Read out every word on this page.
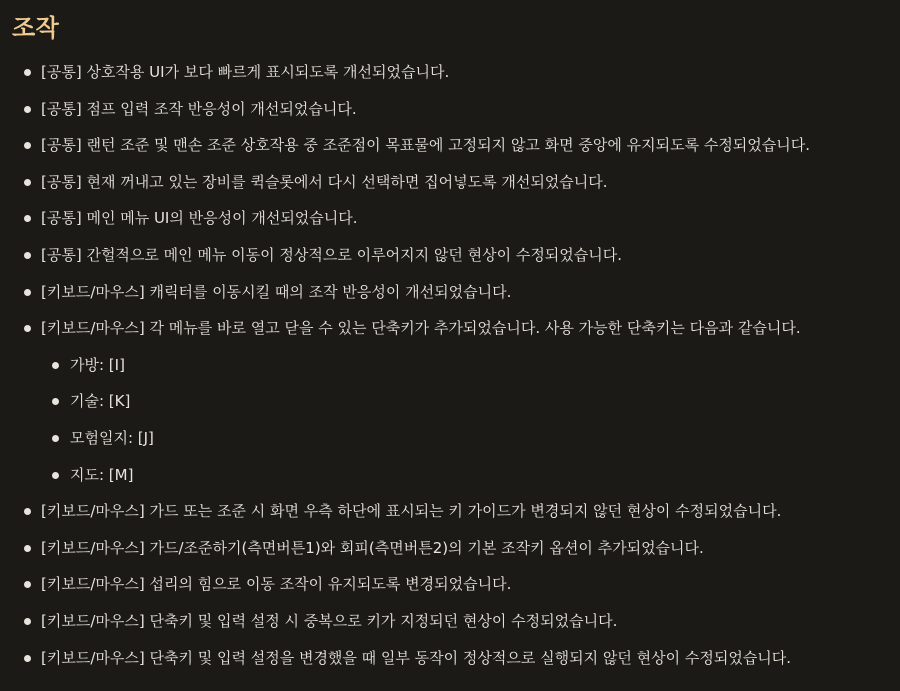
조작
[공통] 상호작용 UI가 보다 빠르게 표시되도록 개선되었습니다.
[공통] 점프 입력 조작 반응성이 개선되었습니다.
[공통] 랜턴 조준 및 맨손 조준 상호작용 중 조준점이 목표물에 고정되지 않고 화면 중앙에 유지되도록 수정되었습니다.
[공통] 현재 꺼내고 있는 장비를 퀵슬롯에서 다시 선택하면 집어넣도록 개선되었습니다.
[공통] 메인 메뉴 UI의 반응성이 개선되었습니다.
[공통] 간헐적으로 메인 메뉴 이동이 정상적으로 이루어지지 않던 현상이 수정되었습니다.
[키보드/마우스] 캐릭터를 이동시킬 때의 조작 반응성이 개선되었습니다.
[키보드/마우스] 각 메뉴를 바로 열고 닫을 수 있는 단축키가 추가되었습니다. 사용 가능한 단축키는 다음과 같습니다.
가방: [I]
기술: [K]
모험일지: [J]
지도: [M]
[키보드/마우스] 가드 또는 조준 시 화면 우측 하단에 표시되는 키 가이드가 변경되지 않던 현상이 수정되었습니다.
[키보드/마우스] 가드/조준하기(측면버튼1)와 회피(측면버튼2)의 기본 조작키 옵션이 추가되었습니다.
[키보드/마우스] 섭리의 힘으로 이동 조작이 유지되도록 변경되었습니다.
[키보드/마우스] 단축키 및 입력 설정 시 중복으로 키가 지정되던 현상이 수정되었습니다.
[키보드/마우스] 단축키 및 입력 설정을 변경했을 때 일부 동작이 정상적으로 실행되지 않던 현상이 수정되었습니다.
